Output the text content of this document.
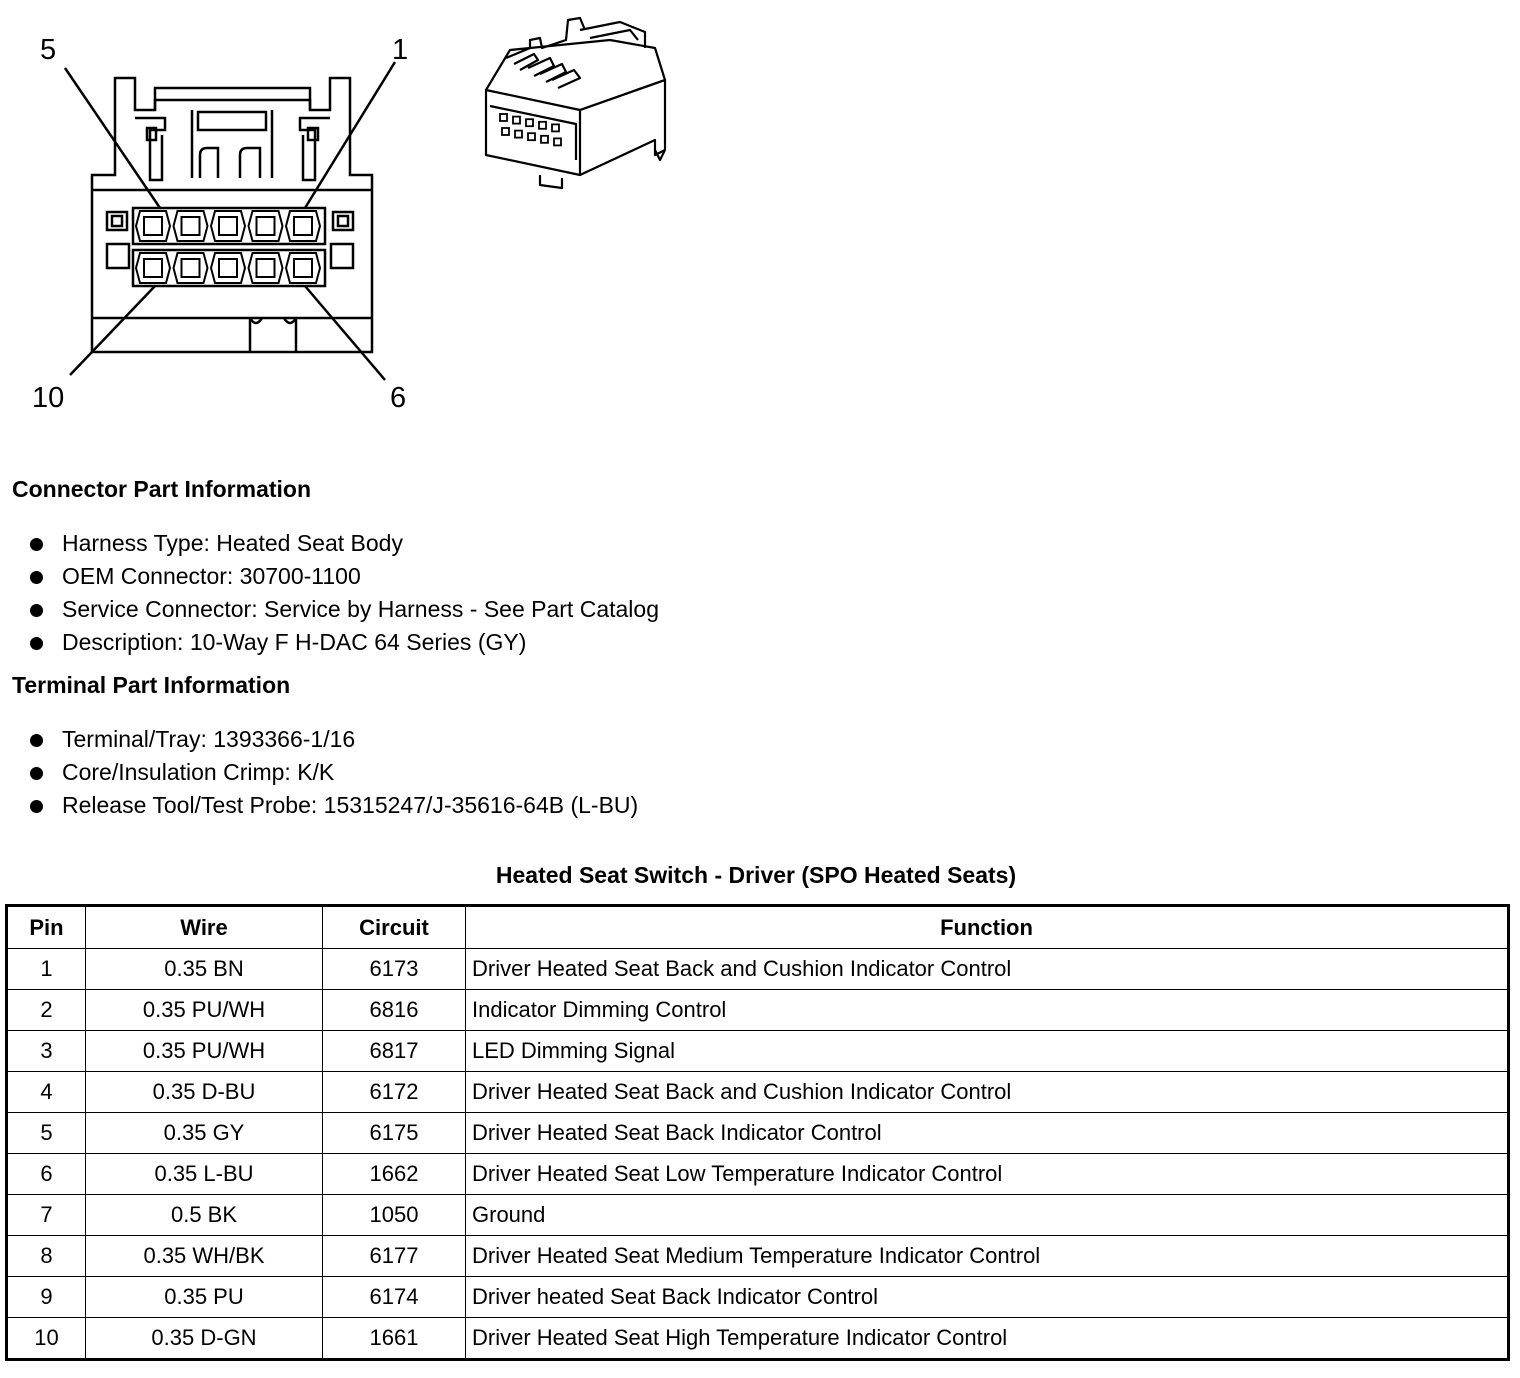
5	1
10	6
Connector Part Information
Harness Type: Heated Seat Body
OEM Connector: 30700-1100
Service Connector: Service by Harness - See Part Catalog
Description: 10-Way F H-DAC 64 Series (GY)
Terminal Part Information
Terminal/Tray: 1393366-1/16
Core/Insulation Crimp: K/K
Release Tool/Test Probe: 15315247/J-35616-64B (L-BU)
Heated Seat Switch - Driver (SPO Heated Seats)
Pin	Wire	Circuit	Function
1	0.35 BN	6173	Driver Heated Seat Back and Cushion Indicator Control
2	0.35 PU/WH	6816	Indicator Dimming Control
3	0.35 PU/WH	6817	LED Dimming Signal
4	0.35 D-BU	6172	Driver Heated Seat Back and Cushion Indicator Control
5	0.35 GY	6175	Driver Heated Seat Back Indicator Control
6	0.35 L-BU	1662	Driver Heated Seat Low Temperature Indicator Control
7	0.5 BK	1050	Ground
8	0.35 WH/BK	6177	Driver Heated Seat Medium Temperature Indicator Control
9	0.35 PU	6174	Driver heated Seat Back Indicator Control
10	0.35 D-GN	1661	Driver Heated Seat High Temperature Indicator Control
